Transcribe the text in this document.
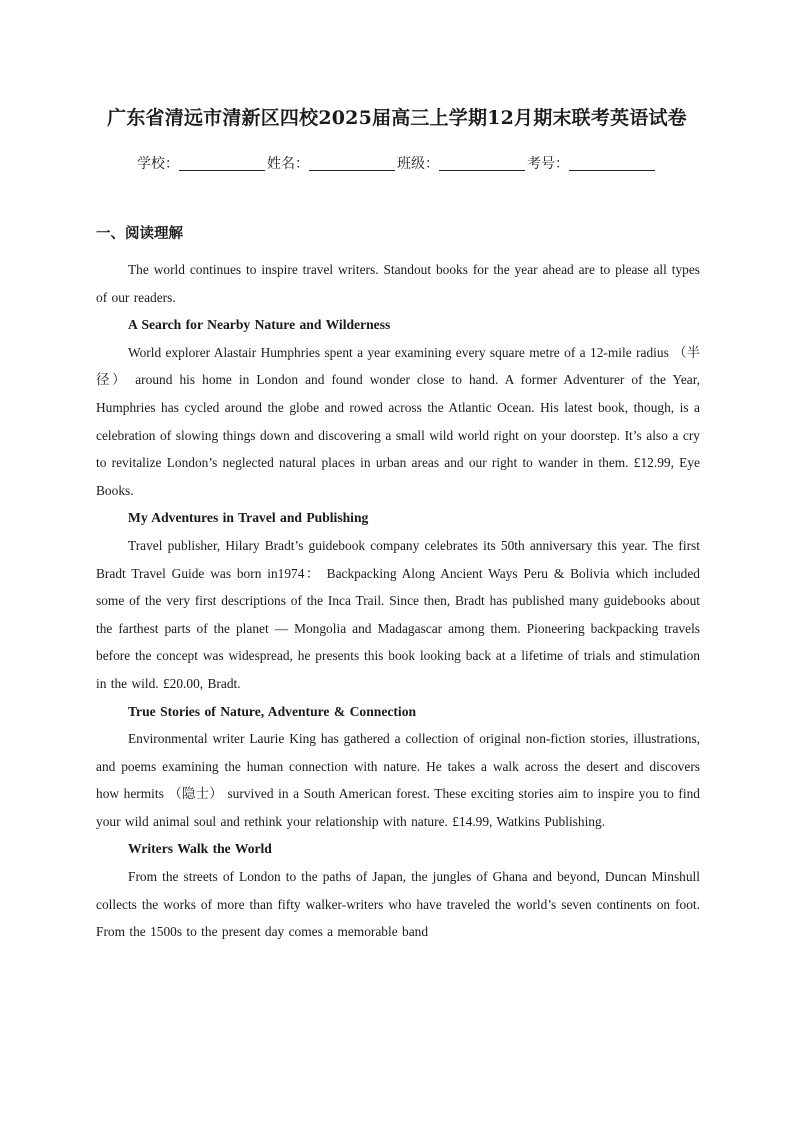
广东省清远市清新区四校2025届高三上学期12月期末联考英语试卷
学校：	姓名：	班级：	考号：
一、阅读理解

The world continues to inspire travel writers. Standout books for the year ahead are to please all types of our readers.

A Search for Nearby Nature and Wilderness

World explorer Alastair Humphries spent a year examining every square metre of a 12-mile radius （半径） around his home in London and found wonder close to hand. A former Adventurer of the Year, Humphries has cycled around the globe and rowed across the Atlantic Ocean. His latest book, though, is a celebration of slowing things down and discovering a small wild world right on your doorstep. It’s also a cry to revitalize London’s neglected natural places in urban areas and our right to wander in them. £12.99, Eye Books.

My Adventures in Travel and Publishing

Travel publisher, Hilary Bradt’s guidebook company celebrates its 50th anniversary this year. The first Bradt Travel Guide was born in1974： Backpacking Along Ancient Ways Peru & Bolivia which included some of the very first descriptions of the Inca Trail. Since then, Bradt has published many guidebooks about the farthest parts of the planet — Mongolia and Madagascar among them. Pioneering backpacking travels before the concept was widespread, he presents this book looking back at a lifetime of trials and stimulation in the wild. £20.00, Bradt.

True Stories of Nature, Adventure & Connection

Environmental writer Laurie King has gathered a collection of original non-fiction stories, illustrations, and poems examining the human connection with nature. He takes a walk across the desert and discovers how hermits （隐士） survived in a South American forest. These exciting stories aim to inspire you to find your wild animal soul and rethink your relationship with nature. £14.99, Watkins Publishing.

Writers Walk the World

From the streets of London to the paths of Japan, the jungles of Ghana and beyond, Duncan Minshull collects the works of more than fifty walker-writers who have traveled the world’s seven continents on foot. From the 1500s to the present day comes a memorable band
